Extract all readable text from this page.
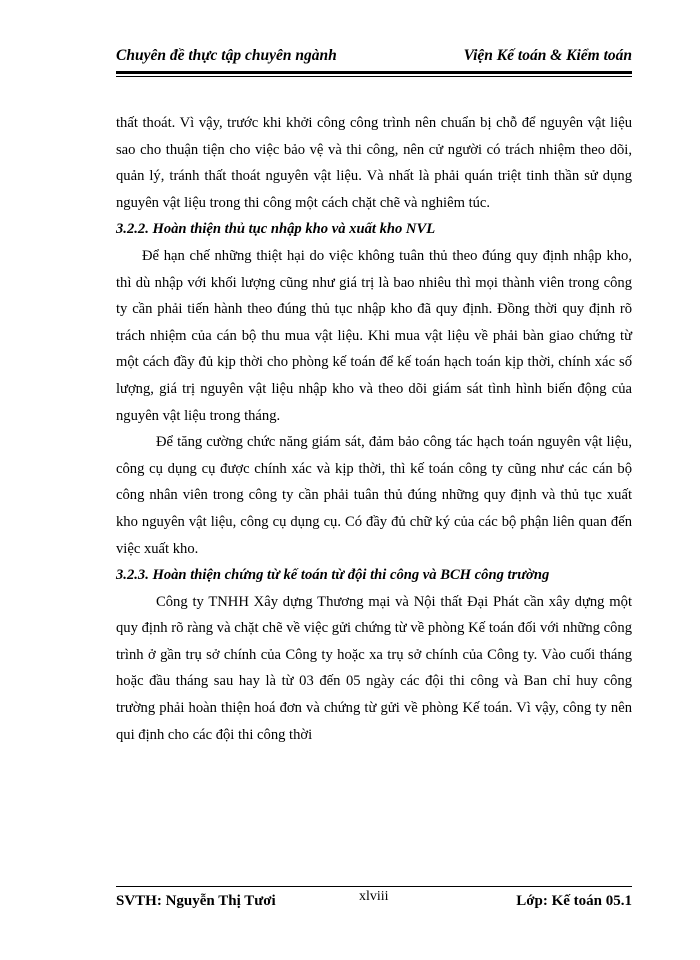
Chuyên đề thực tập chuyên ngành	Viện Kế toán & Kiểm toán

thất thoát. Vì vậy, trước khi khởi công công trình nên chuẩn bị chỗ để nguyên vật liệu sao cho thuận tiện cho việc bảo vệ và thi công, nên cử người có trách nhiệm theo dõi, quản lý, tránh thất thoát nguyên vật liệu. Và nhất là phải quán triệt tinh thần sử dụng nguyên vật liệu trong thi công một cách chặt chẽ và nghiêm túc.

3.2.2. Hoàn thiện thủ tục nhập kho và xuất kho NVL

Để hạn chế những thiệt hại do việc không tuân thủ theo đúng quy định nhập kho, thì dù nhập với khối lượng cũng như giá trị là bao nhiêu thì mọi thành viên trong công ty cần phải tiến hành theo đúng thủ tục nhập kho đã quy định. Đồng thời quy định rõ trách nhiệm của cán bộ thu mua vật liệu. Khi mua vật liệu về phải bàn giao chứng từ một cách đầy đủ kịp thời cho phòng kế toán để kế toán hạch toán kịp thời, chính xác số lượng, giá trị nguyên vật liệu nhập kho và theo dõi giám sát tình hình biến động của nguyên vật liệu trong tháng.

Để tăng cường chức năng giám sát, đảm bảo công tác hạch toán nguyên vật liệu, công cụ dụng cụ được chính xác và kịp thời, thì kế toán công ty cũng như các cán bộ công nhân viên trong công ty cần phải tuân thủ đúng những quy định và thủ tục xuất kho nguyên vật liệu, công cụ dụng cụ. Có đầy đủ chữ ký của các bộ phận liên quan đến việc xuất kho.

3.2.3. Hoàn thiện chứng từ kế toán từ đội thi công và BCH công trường

Công ty TNHH Xây dựng Thương mại và Nội thất Đại Phát cần xây dựng một quy định rõ ràng và chặt chẽ về việc gửi chứng từ về phòng Kế toán đối với những công trình ở gần trụ sở chính của Công ty hoặc xa trụ sở chính của Công ty. Vào cuối tháng hoặc đầu tháng sau hay là từ 03 đến 05 ngày các đội thi công và Ban chỉ huy công trường phải hoàn thiện hoá đơn và chứng từ gửi về phòng Kế toán. Vì vậy, công ty nên qui định cho các đội thi công thời

SVTH: Nguyễn Thị Tươi	xlviii	Lớp: Kế toán 05.1
